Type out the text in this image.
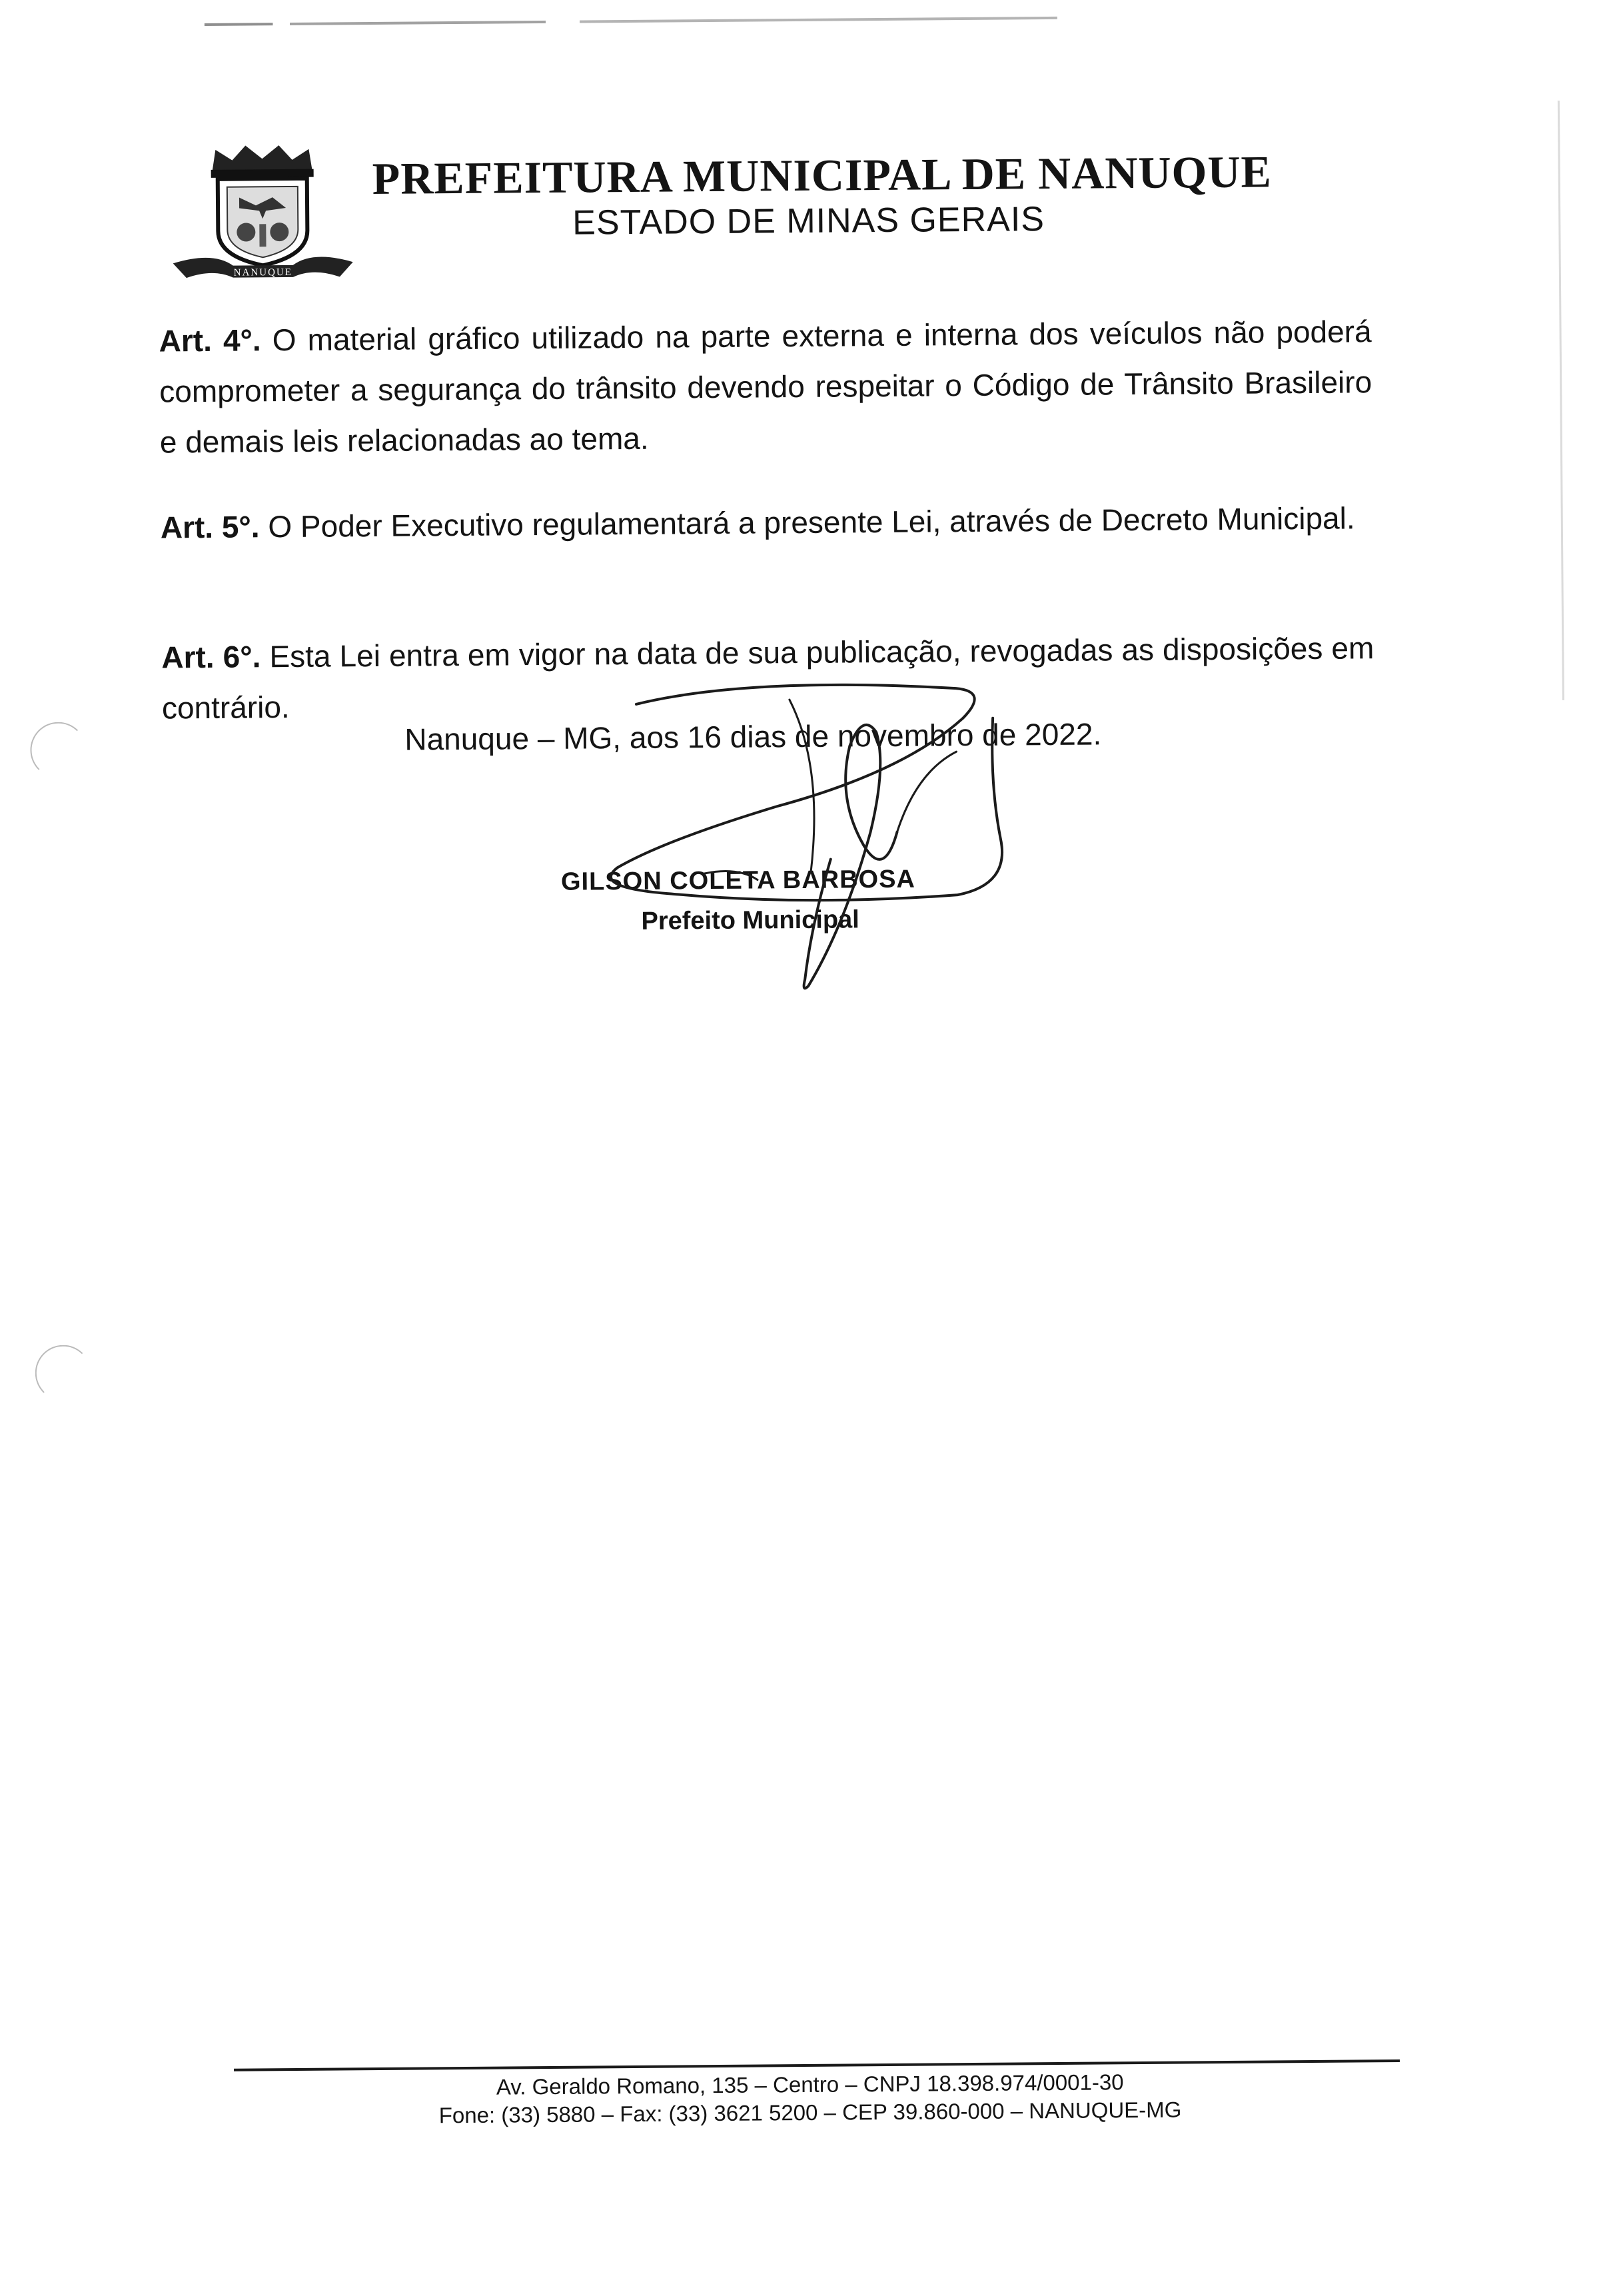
NANUQUE
PREFEITURA MUNICIPAL DE NANUQUE
ESTADO DE MINAS GERAIS

Art. 4°. O material gráfico utilizado na parte externa e interna dos veículos não poderá comprometer a segurança do trânsito devendo respeitar o Código de Trânsito Brasileiro e demais leis relacionadas ao tema.

Art. 5°. O Poder Executivo regulamentará a presente Lei, através de Decreto Municipal.

Art. 6°. Esta Lei entra em vigor na data de sua publicação, revogadas as disposições em contrário.

Nanuque – MG, aos 16 dias de novembro de 2022.
GILSON COLETA BARBOSA
Prefeito Municipal
Av. Geraldo Romano, 135 – Centro – CNPJ 18.398.974/0001-30
Fone: (33) 5880 – Fax: (33) 3621 5200 – CEP 39.860-000 – NANUQUE-MG
